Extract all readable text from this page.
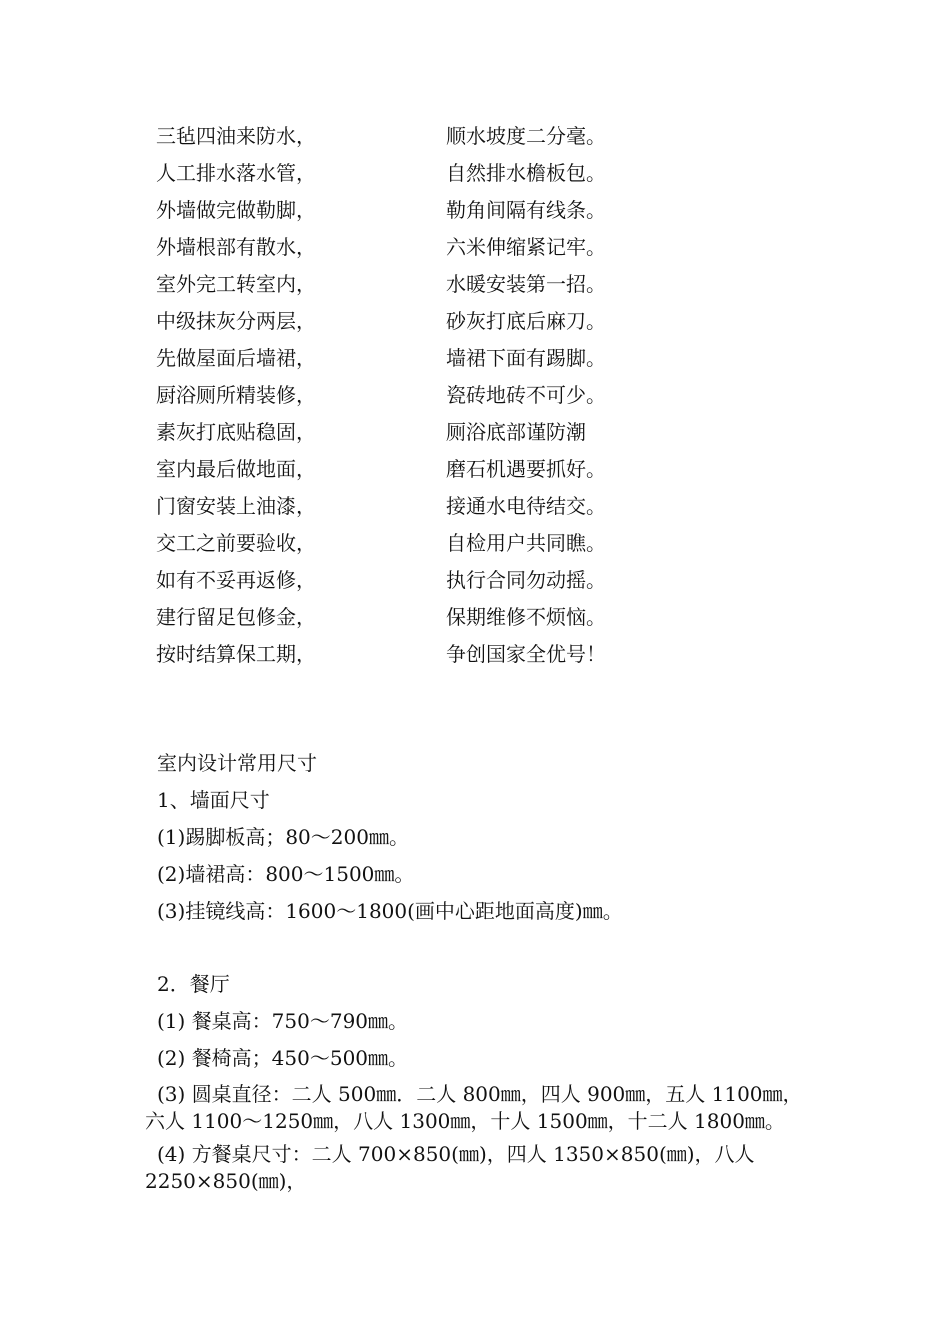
三毡四油来防水，	顺水坡度二分毫。
人工排水落水管，	自然排水檐板包。
外墙做完做勒脚，	勒角间隔有线条。
外墙根部有散水，	六米伸缩紧记牢。
室外完工转室内，	水暖安装第一招。
中级抹灰分两层，	砂灰打底后麻刀。
先做屋面后墙裙，	墙裙下面有踢脚。
厨浴厕所精装修，	瓷砖地砖不可少。
素灰打底贴稳固，	厕浴底部谨防潮
室内最后做地面，	磨石机遇要抓好。
门窗安装上油漆，	接通水电待结交。
交工之前要验收，	自检用户共同瞧。
如有不妥再返修，	执行合同勿动摇。
建行留足包修金，	保期维修不烦恼。
按时结算保工期，	争创国家全优号！
室内设计常用尺寸
1、墙面尺寸
(1)踢脚板高；80～200㎜。
(2)墙裙高：800～1500㎜。
(3)挂镜线高：1600～1800(画中心距地面高度)㎜。
2．餐厅
(1) 餐桌高：750～790㎜。
(2) 餐椅高；450～500㎜。
(3) 圆桌直径：二人 500㎜．二人 800㎜，四人 900㎜，五人 1100㎜，
六人 1100～1250㎜，八人 1300㎜，十人 1500㎜，十二人 1800㎜。
(4) 方餐桌尺寸：二人 700×850(㎜)，四人 1350×850(㎜)，八人
2250×850(㎜)，
